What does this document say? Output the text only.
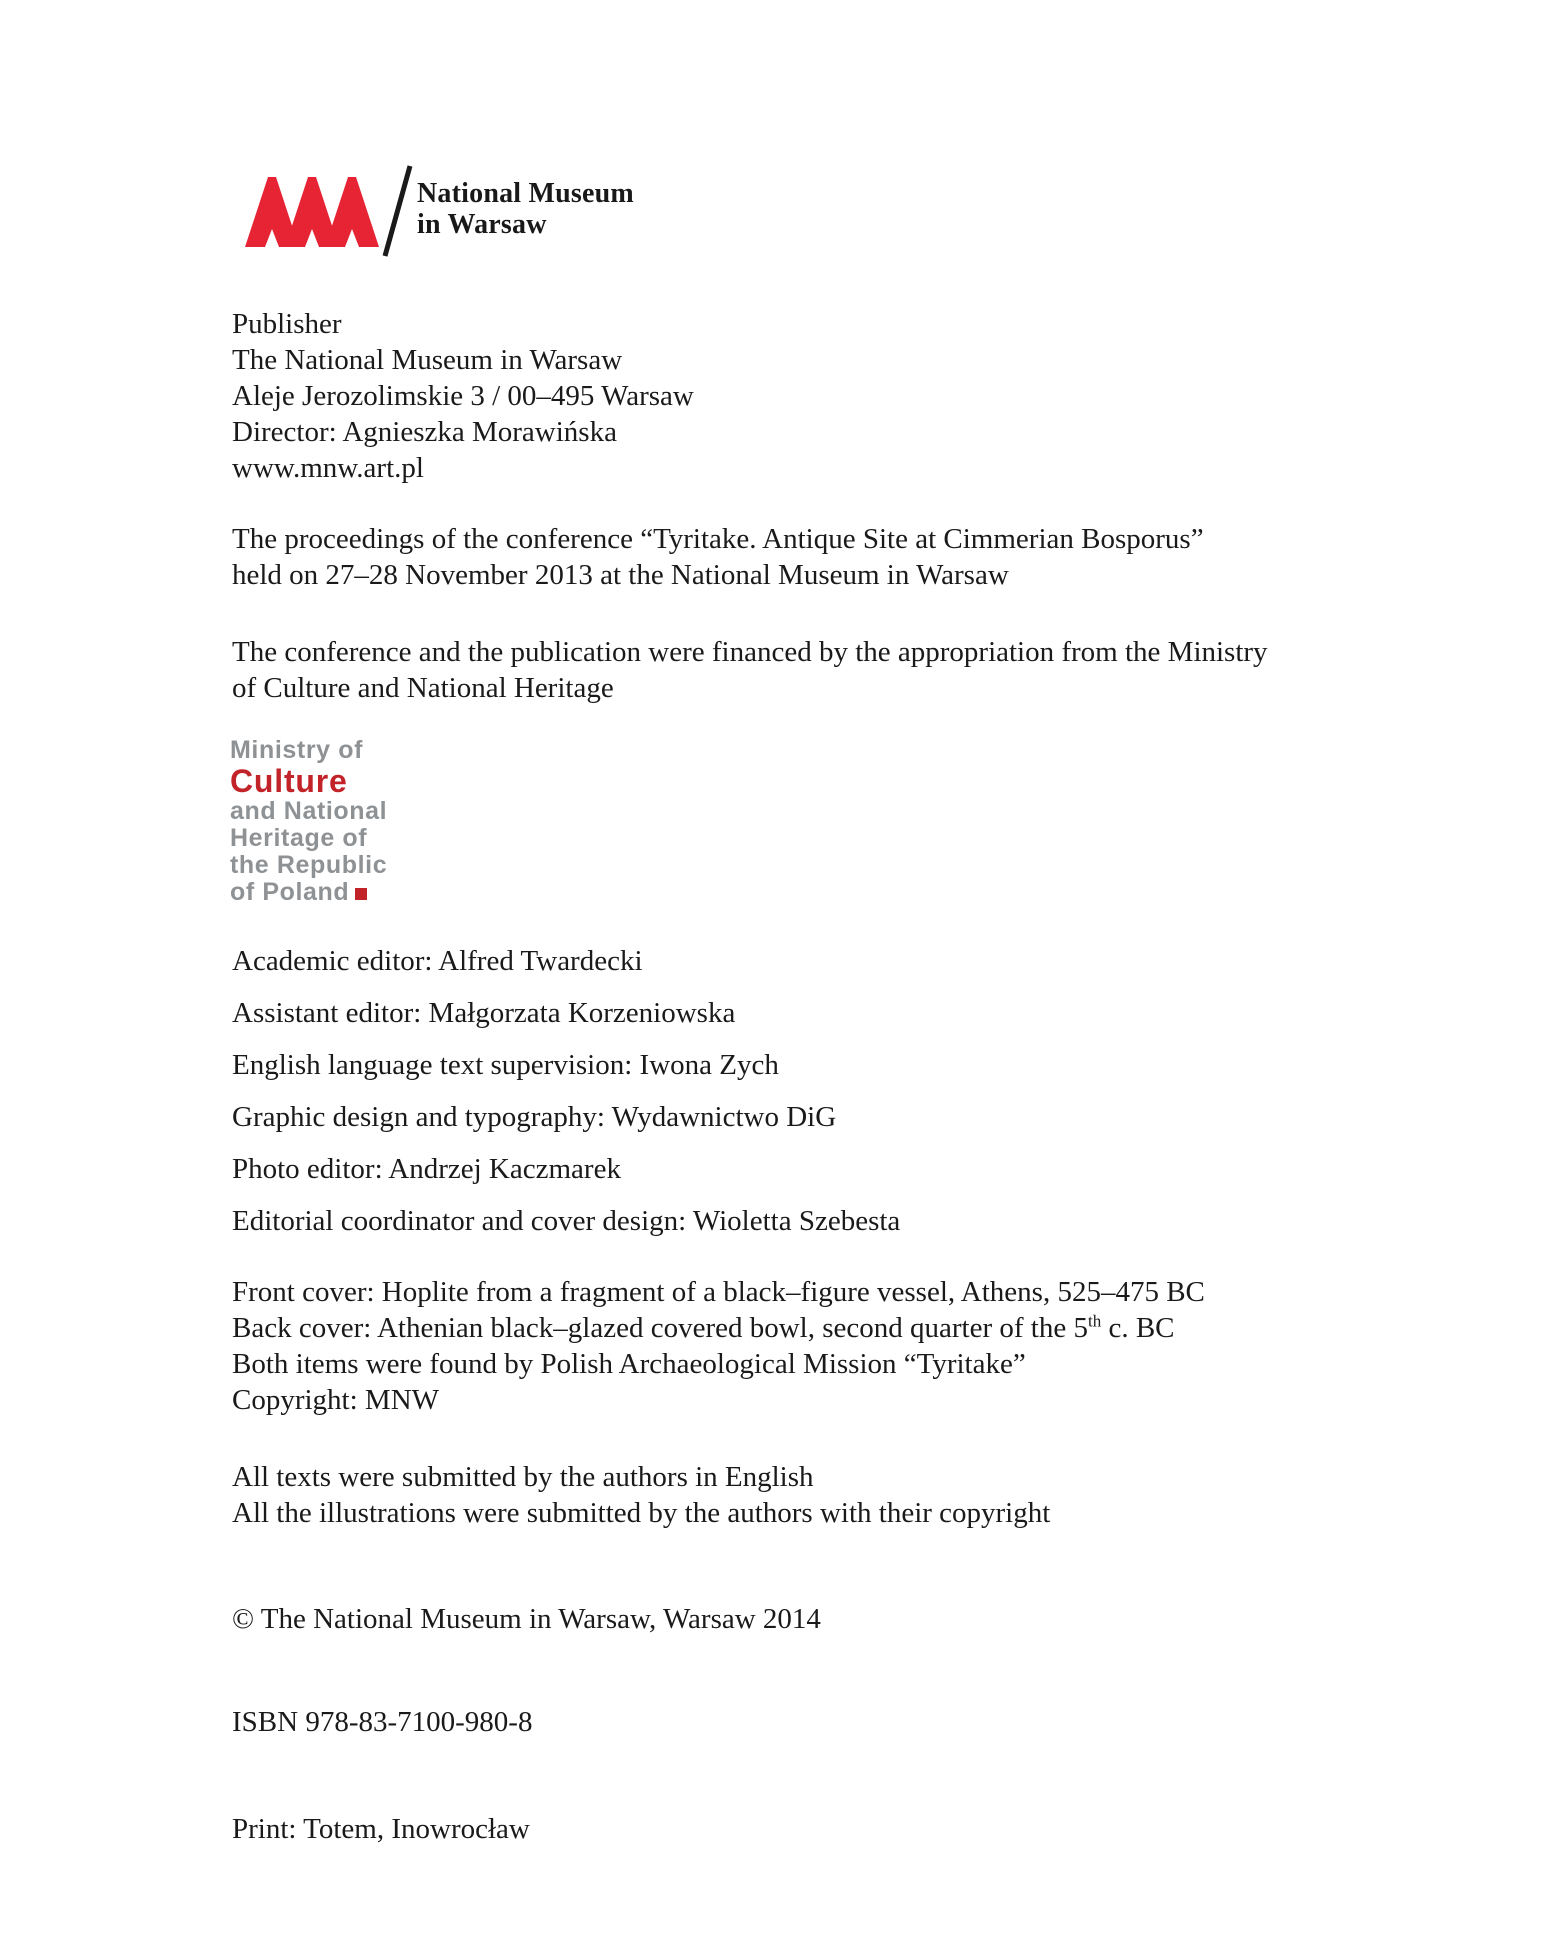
National Museum
in Warsaw
Publisher
The National Museum in Warsaw
Aleje Jerozolimskie 3 / 00–495 Warsaw
Director: Agnieszka Morawińska
www.mnw.art.pl
The proceedings of the conference “Tyritake. Antique Site at Cimmerian Bosporus”
held on 27–28 November 2013 at the National Museum in Warsaw
The conference and the publication were financed by the appropriation from the Ministry
of Culture and National Heritage
Ministry of
Culture
and National
Heritage of
the Republic
of Poland
Academic editor: Alfred Twardecki
Assistant editor: Małgorzata Korzeniowska
English language text supervision: Iwona Zych
Graphic design and typography: Wydawnictwo DiG
Photo editor: Andrzej Kaczmarek
Editorial coordinator and cover design: Wioletta Szebesta
Front cover: Hoplite from a fragment of a black–figure vessel, Athens, 525–475 BC
Back cover: Athenian black–glazed covered bowl, second quarter of the 5th c. BC
Both items were found by Polish Archaeological Mission “Tyritake”
Copyright: MNW
All texts were submitted by the authors in English
All the illustrations were submitted by the authors with their copyright
© The National Museum in Warsaw, Warsaw 2014
ISBN 978-83-7100-980-8
Print: Totem, Inowrocław
